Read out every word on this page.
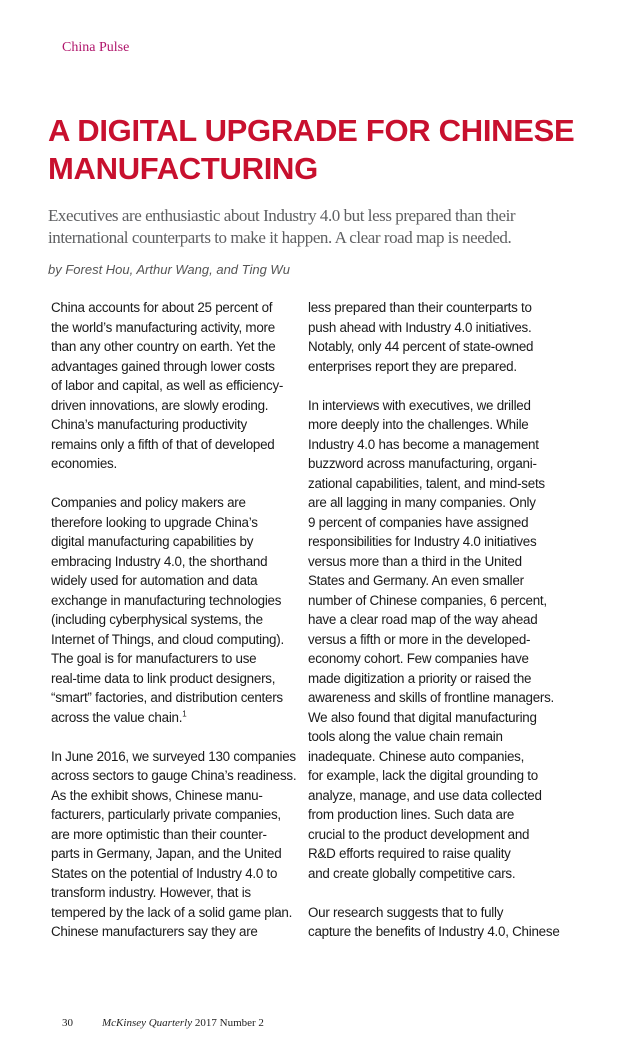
China Pulse
A DIGITAL UPGRADE FOR CHINESE
MANUFACTURING
Executives are enthusiastic about Industry 4.0 but less prepared than their
international counterparts to make it happen. A clear road map is needed.
by Forest Hou, Arthur Wang, and Ting Wu
China accounts for about 25 percent of
the world’s manufacturing activity, more
than any other country on earth. Yet the
advantages gained through lower costs
of labor and capital, as well as efficiency-
driven innovations, are slowly eroding.
China’s manufacturing productivity
remains only a fifth of that of developed
economies.
Companies and policy makers are
therefore looking to upgrade China’s
digital manufacturing capabilities by
embracing Industry 4.0, the shorthand
widely used for automation and data
exchange in manufacturing technologies
(including cyberphysical systems, the
Internet of Things, and cloud computing).
The goal is for manufacturers to use
real-time data to link product designers,
“smart” factories, and distribution centers
across the value chain.$^1$
In June 2016, we surveyed 130 companies
across sectors to gauge China’s readiness.
As the exhibit shows, Chinese manu-
facturers, particularly private companies,
are more optimistic than their counter-
parts in Germany, Japan, and the United
States on the potential of Industry 4.0 to
transform industry. However, that is
tempered by the lack of a solid game plan.
Chinese manufacturers say they are
less prepared than their counterparts to
push ahead with Industry 4.0 initiatives.
Notably, only 44 percent of state-owned
enterprises report they are prepared.
In interviews with executives, we drilled
more deeply into the challenges. While
Industry 4.0 has become a management
buzzword across manufacturing, organi-
zational capabilities, talent, and mind-sets
are all lagging in many companies. Only
9 percent of companies have assigned
responsibilities for Industry 4.0 initiatives
versus more than a third in the United
States and Germany. An even smaller
number of Chinese companies, 6 percent,
have a clear road map of the way ahead
versus a fifth or more in the developed-
economy cohort. Few companies have
made digitization a priority or raised the
awareness and skills of frontline managers.
We also found that digital manufacturing
tools along the value chain remain
inadequate. Chinese auto companies,
for example, lack the digital grounding to
analyze, manage, and use data collected
from production lines. Such data are
crucial to the product development and
R&D efforts required to raise quality
and create globally competitive cars.
Our research suggests that to fully
capture the benefits of Industry 4.0, Chinese
30	McKinsey Quarterly 2017 Number 2
